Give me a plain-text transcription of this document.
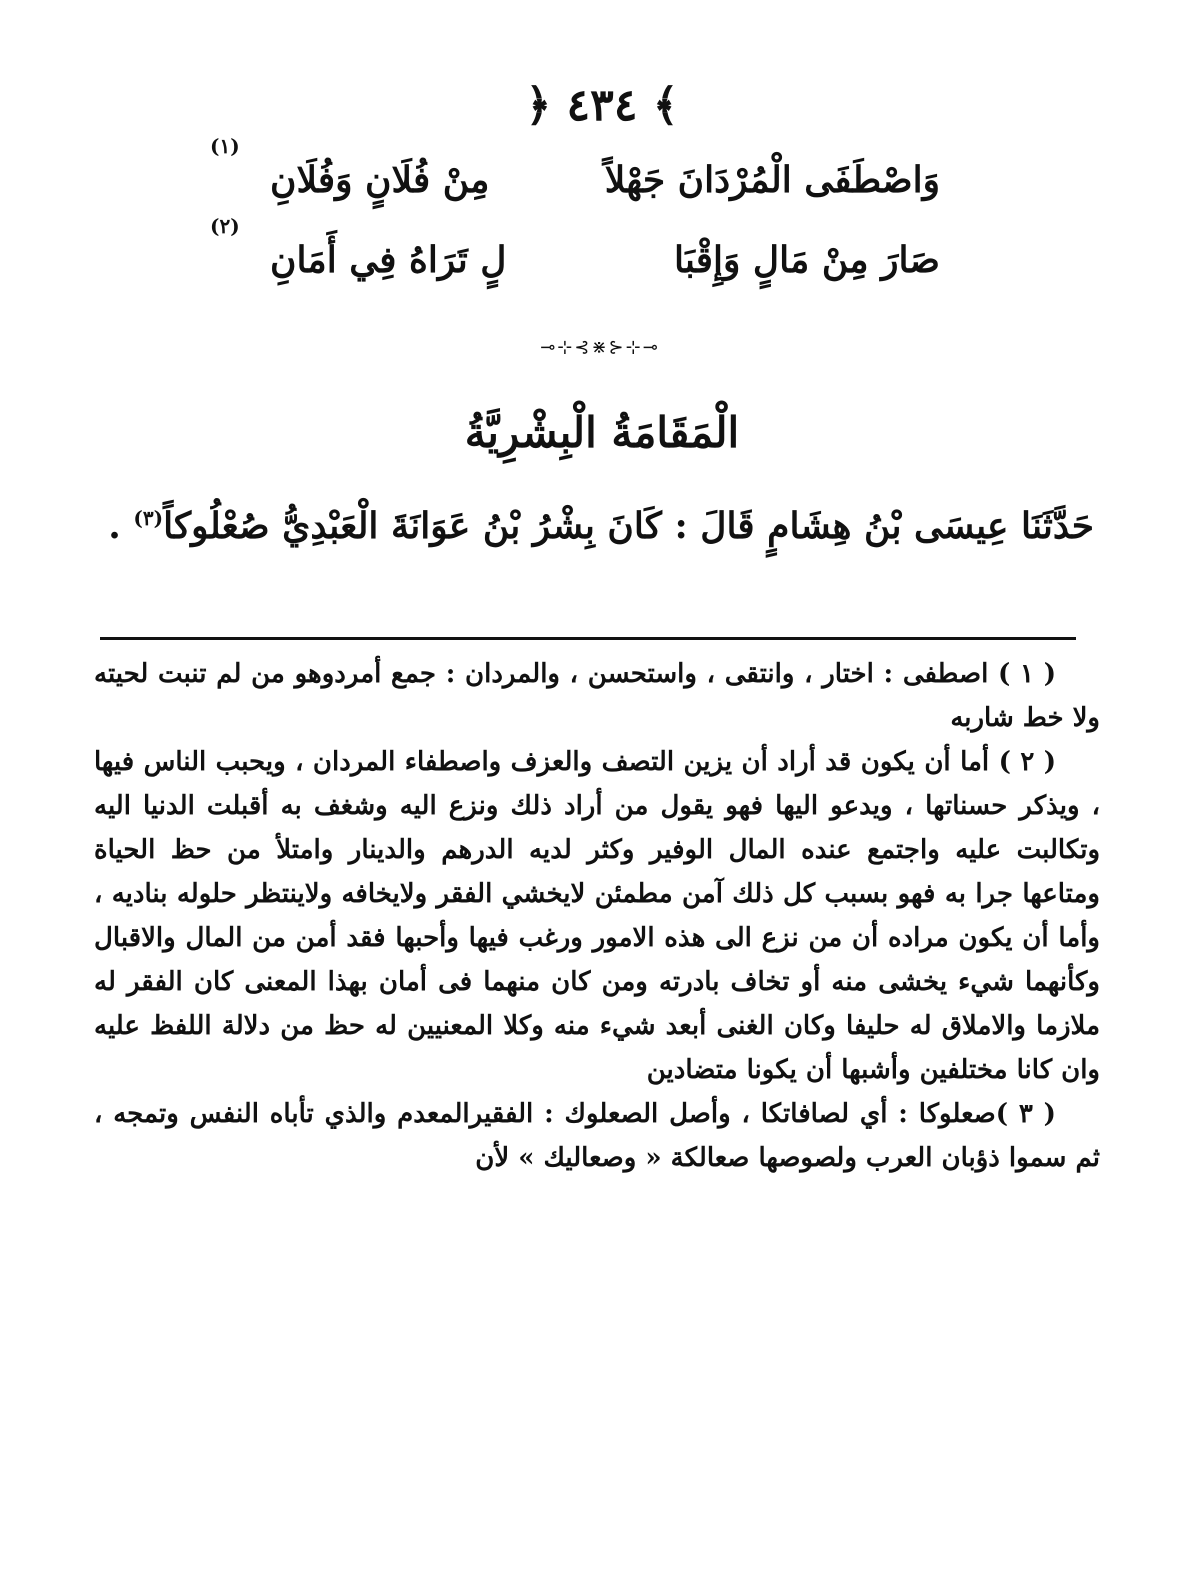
﴿ ٤٣٤ ﴾
وَاصْطَفَى الْمُرْدَانَ جَهْلاً
مِنْ فُلَانٍ وَفُلَانِ
(١)
صَارَ مِنْ مَالٍ وَإِقْبَا
لٍ تَرَاهُ فِي أَمَانِ
(٢)
⊸⊹⊰⋇⊱⊹⊸
الْمَقَامَةُ الْبِشْرِيَّةُ
حَدَّثَنَا عِيسَى بْنُ هِشَامٍ قَالَ : كَانَ بِشْرُ بْنُ عَوَانَةَ الْعَبْدِيُّ صُعْلُوكاً$^{(٣)}$ .

( ١ ) اصطفى : اختار ، وانتقى ، واستحسن ، والمردان : جمع أمردوهو من لم تنبت لحيته ولا خط شاربه

( ٢ ) أما أن يكون قد أراد أن يزين التصف والعزف واصطفاء المردان ، ويحبب الناس فيها ، ويذكر حسناتها ، ويدعو اليها فهو يقول من أراد ذلك ونزع اليه وشغف به أقبلت الدنيا اليه وتكالبت عليه واجتمع عنده المال الوفير وكثر لديه الدرهم والدينار وامتلأ من حظ الحياة ومتاعها جرا به فهو بسبب كل ذلك آمن مطمئن لايخشي الفقر ولايخافه ولاينتظر حلوله بناديه ، وأما أن يكون مراده أن من نزع الى هذه الامور ورغب فيها وأحبها فقد أمن من المال والاقبال وكأنهما شيء يخشى منه أو تخاف بادرته ومن كان منهما فى أمان بهذا المعنى كان الفقر له ملازما والاملاق له حليفا وكان الغنى أبعد شيء منه وكلا المعنيين له حظ من دلالة اللفظ عليه وان كانا مختلفين وأشبها أن يكونا متضادين

( ٣ )صعلوكا : أي لصافاتكا ، وأصل الصعلوك : الفقيرالمعدم والذي تأباه النفس وتمجه ، ثم سموا ذؤبان العرب ولصوصها صعالكة « وصعاليك » لأن
